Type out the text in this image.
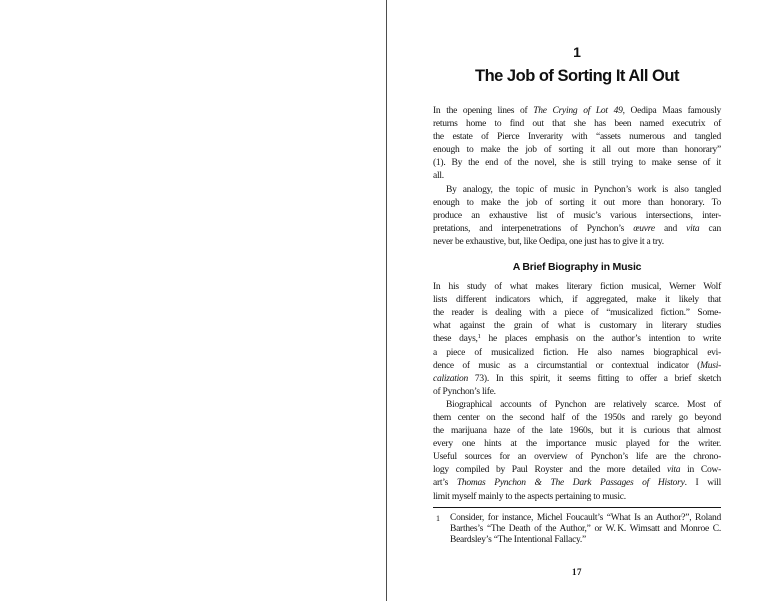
1
The Job of Sorting It All Out
In the opening lines of The Crying of Lot 49, Oedipa Maas famously
returns home to find out that she has been named executrix of
the estate of Pierce Inverarity with “assets numerous and tangled
enough to make the job of sorting it all out more than honorary”
(1). By the end of the novel, she is still trying to make sense of it
all.
By analogy, the topic of music in Pynchon’s work is also tangled
enough to make the job of sorting it out more than honorary. To
produce an exhaustive list of music’s various intersections, inter-
pretations, and interpenetrations of Pynchon’s œuvre and vita can
never be exhaustive, but, like Oedipa, one just has to give it a try.
A Brief Biography in Music
In his study of what makes literary fiction musical, Werner Wolf
lists different indicators which, if aggregated, make it likely that
the reader is dealing with a piece of “musicalized fiction.” Some-
what against the grain of what is customary in literary studies
these days,$^1$ he places emphasis on the author’s intention to write
a piece of musicalized fiction. He also names biographical evi-
dence of music as a circumstantial or contextual indicator (Musi-
calization 73). In this spirit, it seems fitting to offer a brief sketch
of Pynchon’s life.
Biographical accounts of Pynchon are relatively scarce. Most of
them center on the second half of the 1950s and rarely go beyond
the marijuana haze of the late 1960s, but it is curious that almost
every one hints at the importance music played for the writer.
Useful sources for an overview of Pynchon’s life are the chrono-
logy compiled by Paul Royster and the more detailed vita in Cow-
art’s Thomas Pynchon & The Dark Passages of History. I will
limit myself mainly to the aspects pertaining to music.
1 Consider, for instance, Michel Foucault’s “What Is an Author?”, Roland
Barthes’s “The Death of the Author,” or W. K. Wimsatt and Monroe C.
Beardsley’s “The Intentional Fallacy.”
17
